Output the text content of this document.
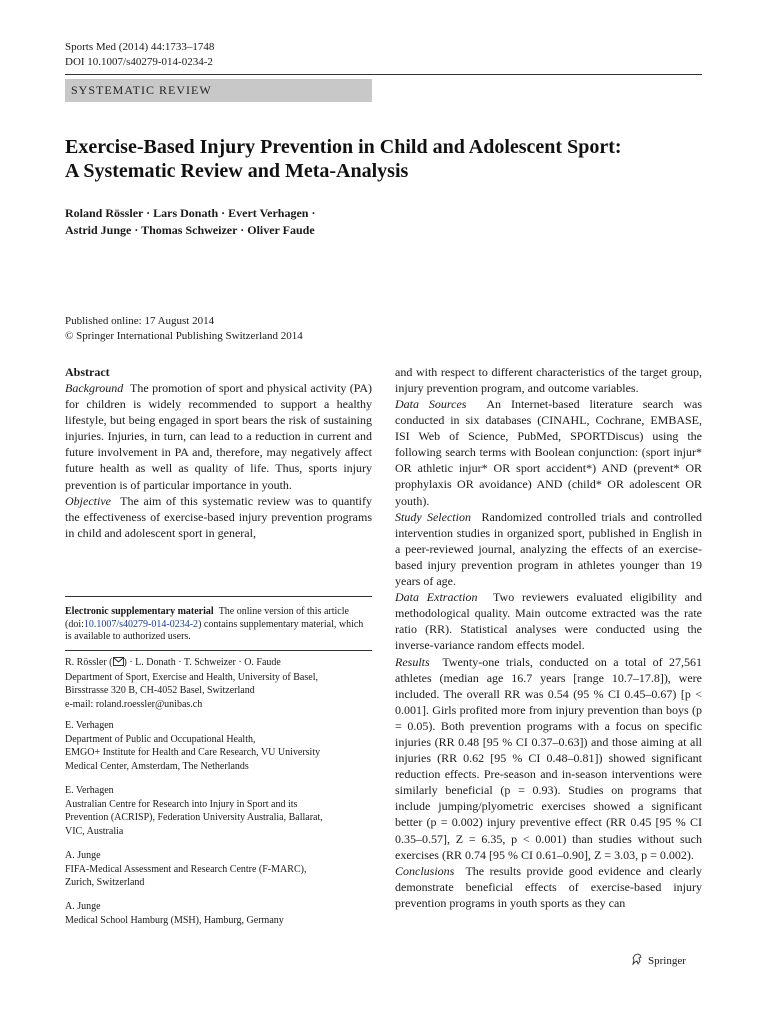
Sports Med (2014) 44:1733–1748
DOI 10.1007/s40279-014-0234-2
SYSTEMATIC REVIEW
Exercise-Based Injury Prevention in Child and Adolescent Sport:
A Systematic Review and Meta-Analysis
Roland Rössler · Lars Donath · Evert Verhagen ·
Astrid Junge · Thomas Schweizer · Oliver Faude
Published online: 17 August 2014
© Springer International Publishing Switzerland 2014
Abstract

Background The promotion of sport and physical activity (PA) for children is widely recommended to support a healthy lifestyle, but being engaged in sport bears the risk of sustaining injuries. Injuries, in turn, can lead to a reduction in current and future involvement in PA and, therefore, may negatively affect future health as well as quality of life. Thus, sports injury prevention is of particular importance in youth.

Objective The aim of this systematic review was to quantify the effectiveness of exercise-based injury prevention programs in child and adolescent sport in general,

Electronic supplementary material The online version of this article (doi:10.1007/s40279-014-0234-2) contains supplementary material, which is available to authorized users.

R. Rössler ( ) · L. Donath · T. Schweizer · O. Faude

Department of Sport, Exercise and Health, University of Basel,

Birsstrasse 320 B, CH-4052 Basel, Switzerland

e-mail: roland.roessler@unibas.ch

E. Verhagen

Department of Public and Occupational Health,

EMGO+ Institute for Health and Care Research, VU University

Medical Center, Amsterdam, The Netherlands

E. Verhagen

Australian Centre for Research into Injury in Sport and its

Prevention (ACRISP), Federation University Australia, Ballarat,

VIC, Australia

A. Junge

FIFA-Medical Assessment and Research Centre (F-MARC),

Zurich, Switzerland

A. Junge

Medical School Hamburg (MSH), Hamburg, Germany

and with respect to different characteristics of the target group, injury prevention program, and outcome variables.

Data Sources An Internet-based literature search was conducted in six databases (CINAHL, Cochrane, EMBASE, ISI Web of Science, PubMed, SPORTDiscus) using the following search terms with Boolean conjunction: (sport injur* OR athletic injur* OR sport accident*) AND (prevent* OR prophylaxis OR avoidance) AND (child* OR adolescent OR youth).

Study Selection Randomized controlled trials and controlled intervention studies in organized sport, published in English in a peer-reviewed journal, analyzing the effects of an exercise-based injury prevention program in athletes younger than 19 years of age.

Data Extraction Two reviewers evaluated eligibility and methodological quality. Main outcome extracted was the rate ratio (RR). Statistical analyses were conducted using the inverse-variance random effects model.

Results Twenty-one trials, conducted on a total of 27,561 athletes (median age 16.7 years [range 10.7–17.8]), were included. The overall RR was 0.54 (95 % CI 0.45–0.67) [p < 0.001]. Girls profited more from injury prevention than boys (p = 0.05). Both prevention programs with a focus on specific injuries (RR 0.48 [95 % CI 0.37–0.63]) and those aiming at all injuries (RR 0.62 [95 % CI 0.48–0.81]) showed significant reduction effects. Pre-season and in-season interventions were similarly beneficial (p = 0.93). Studies on programs that include jumping/plyometric exercises showed a significant better (p = 0.002) injury preventive effect (RR 0.45 [95 % CI 0.35–0.57], Z = 6.35, p < 0.001) than studies without such exercises (RR 0.74 [95 % CI 0.61–0.90], Z = 3.03, p = 0.002).

Conclusions The results provide good evidence and clearly demonstrate beneficial effects of exercise-based injury prevention programs in youth sports as they can

Springer
